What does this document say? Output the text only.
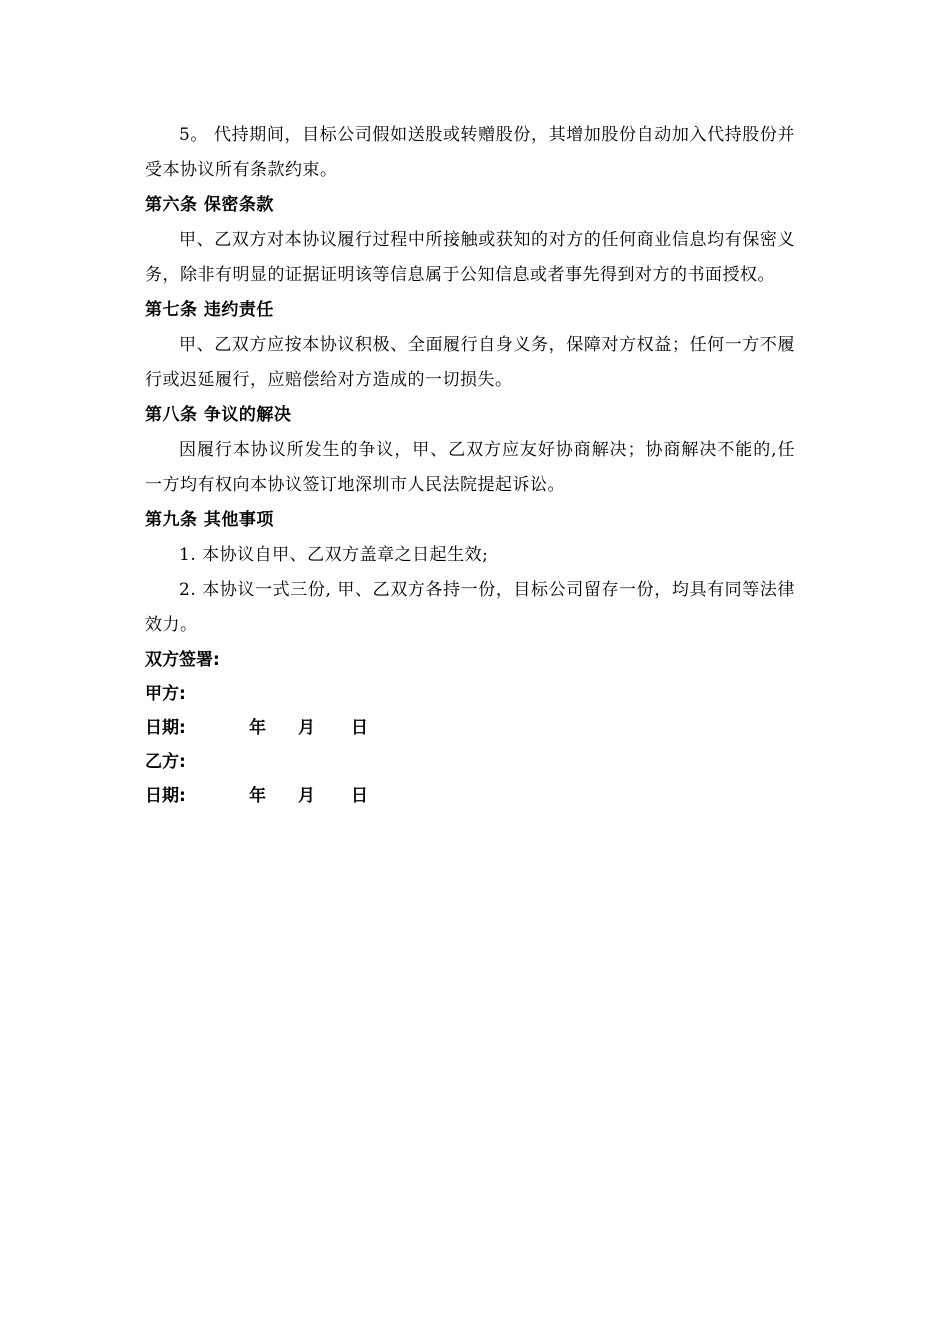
5。 代持期间，目标公司假如送股或转赠股份，其增加股份自动加入代持股份并受本协议所有条款约束。

第六条 保密条款

甲、乙双方对本协议履行过程中所接触或获知的对方的任何商业信息均有保密义务，除非有明显的证据证明该等信息属于公知信息或者事先得到对方的书面授权。

第七条 违约责任

甲、乙双方应按本协议积极、全面履行自身义务，保障对方权益；任何一方不履行或迟延履行，应赔偿给对方造成的一切损失。

第八条 争议的解决

因履行本协议所发生的争议，甲、乙双方应友好协商解决；协商解决不能的,任一方均有权向本协议签订地深圳市人民法院提起诉讼。

第九条 其他事项

1. 本协议自甲、乙双方盖章之日起生效;

2. 本协议一式三份, 甲、乙双方各持一份，目标公司留存一份，均具有同等法律效力。

双方签署:

甲方:

日期:	年 月 日

乙方:

日期:	年 月 日
